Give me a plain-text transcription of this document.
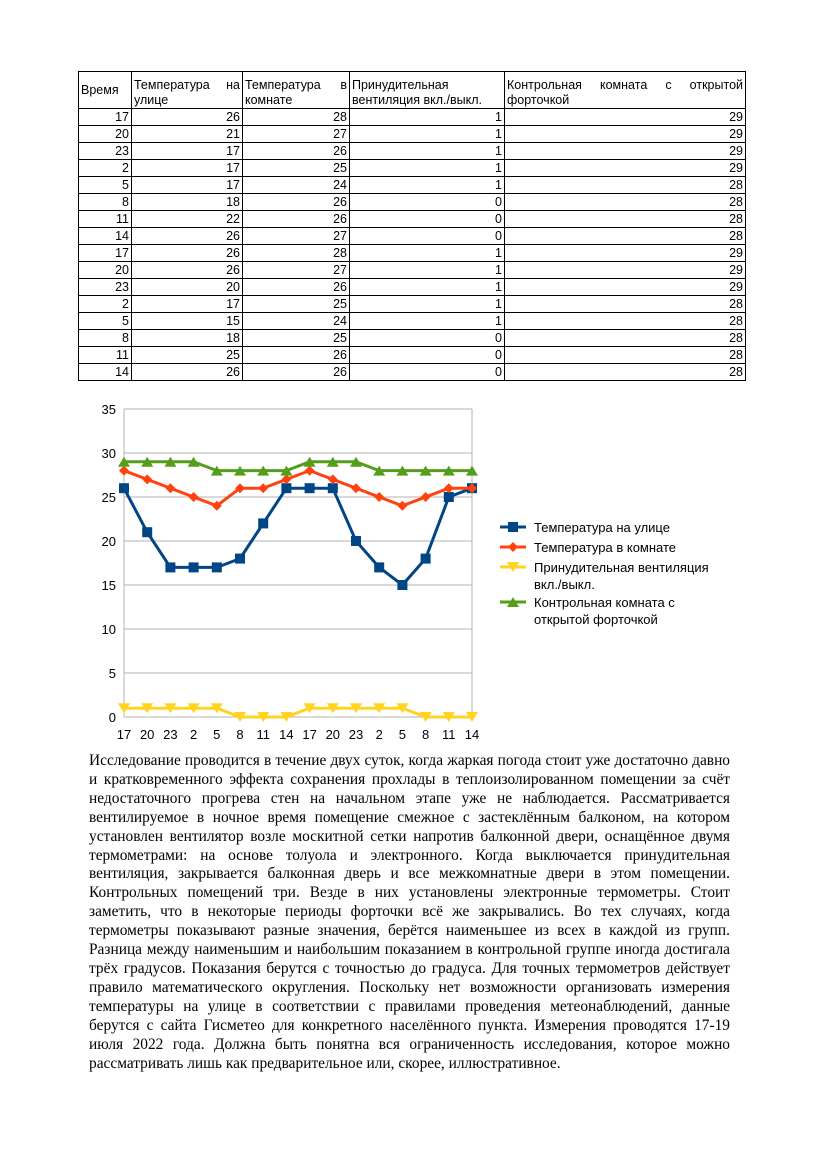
Время	Температура на улице	Температура в комнате	Принудительная вентиляция вкл./выкл.	Контрольная комната с открытой форточкой
17	26	28	1	29
20	21	27	1	29
23	17	26	1	29
2	17	25	1	29
5	17	24	1	28
8	18	26	0	28
11	22	26	0	28
14	26	27	0	28
17	26	28	1	29
20	26	27	1	29
23	20	26	1	29
2	17	25	1	28
5	15	24	1	28
8	18	25	0	28
11	25	26	0	28
14	26	26	0	28
0
5
10
15
20
25
30
35
17 20 23 2 5 8 11 14 17 20 23 2 5 8 11 14
Температура на улице
Температура в комнате
Принудительная вентиляция
вкл./выкл.
Контрольная комната с
открытой форточкой

Исследование проводится в течение двух суток, когда жаркая погода стоит уже достаточно давно и кратковременного эффекта сохранения прохлады в теплоизолированном помещении за счёт недостаточного прогрева стен на начальном этапе уже не наблюдается. Рассматривается вентилируемое в ночное время помещение смежное с застеклённым балконом, на котором установлен вентилятор возле москитной сетки напротив балконной двери, оснащённое двумя термометрами: на основе толуола и электронного. Когда выключается принудительная вентиляция, закрывается балконная дверь и все межкомнатные двери в этом помещении. Контрольных помещений три. Везде в них установлены электронные термометры. Стоит заметить, что в некоторые периоды форточки всё же закрывались. Во тех случаях, когда термометры показывают разные значения, берётся наименьшее из всех в каждой из групп. Разница между наименьшим и наибольшим показанием в контрольной группе иногда достигала трёх градусов. Показания берутся с точностью до градуса. Для точных термометров действует правило математического округления. Поскольку нет возможности организовать измерения температуры на улице в соответствии с правилами проведения метеонаблюдений, данные берутся с сайта Гисметео для конкретного населённого пункта. Измерения проводятся 17-19 июля 2022 года. Должна быть понятна вся ограниченность исследования, которое можно рассматривать лишь как предварительное или, скорее, иллюстративное.
